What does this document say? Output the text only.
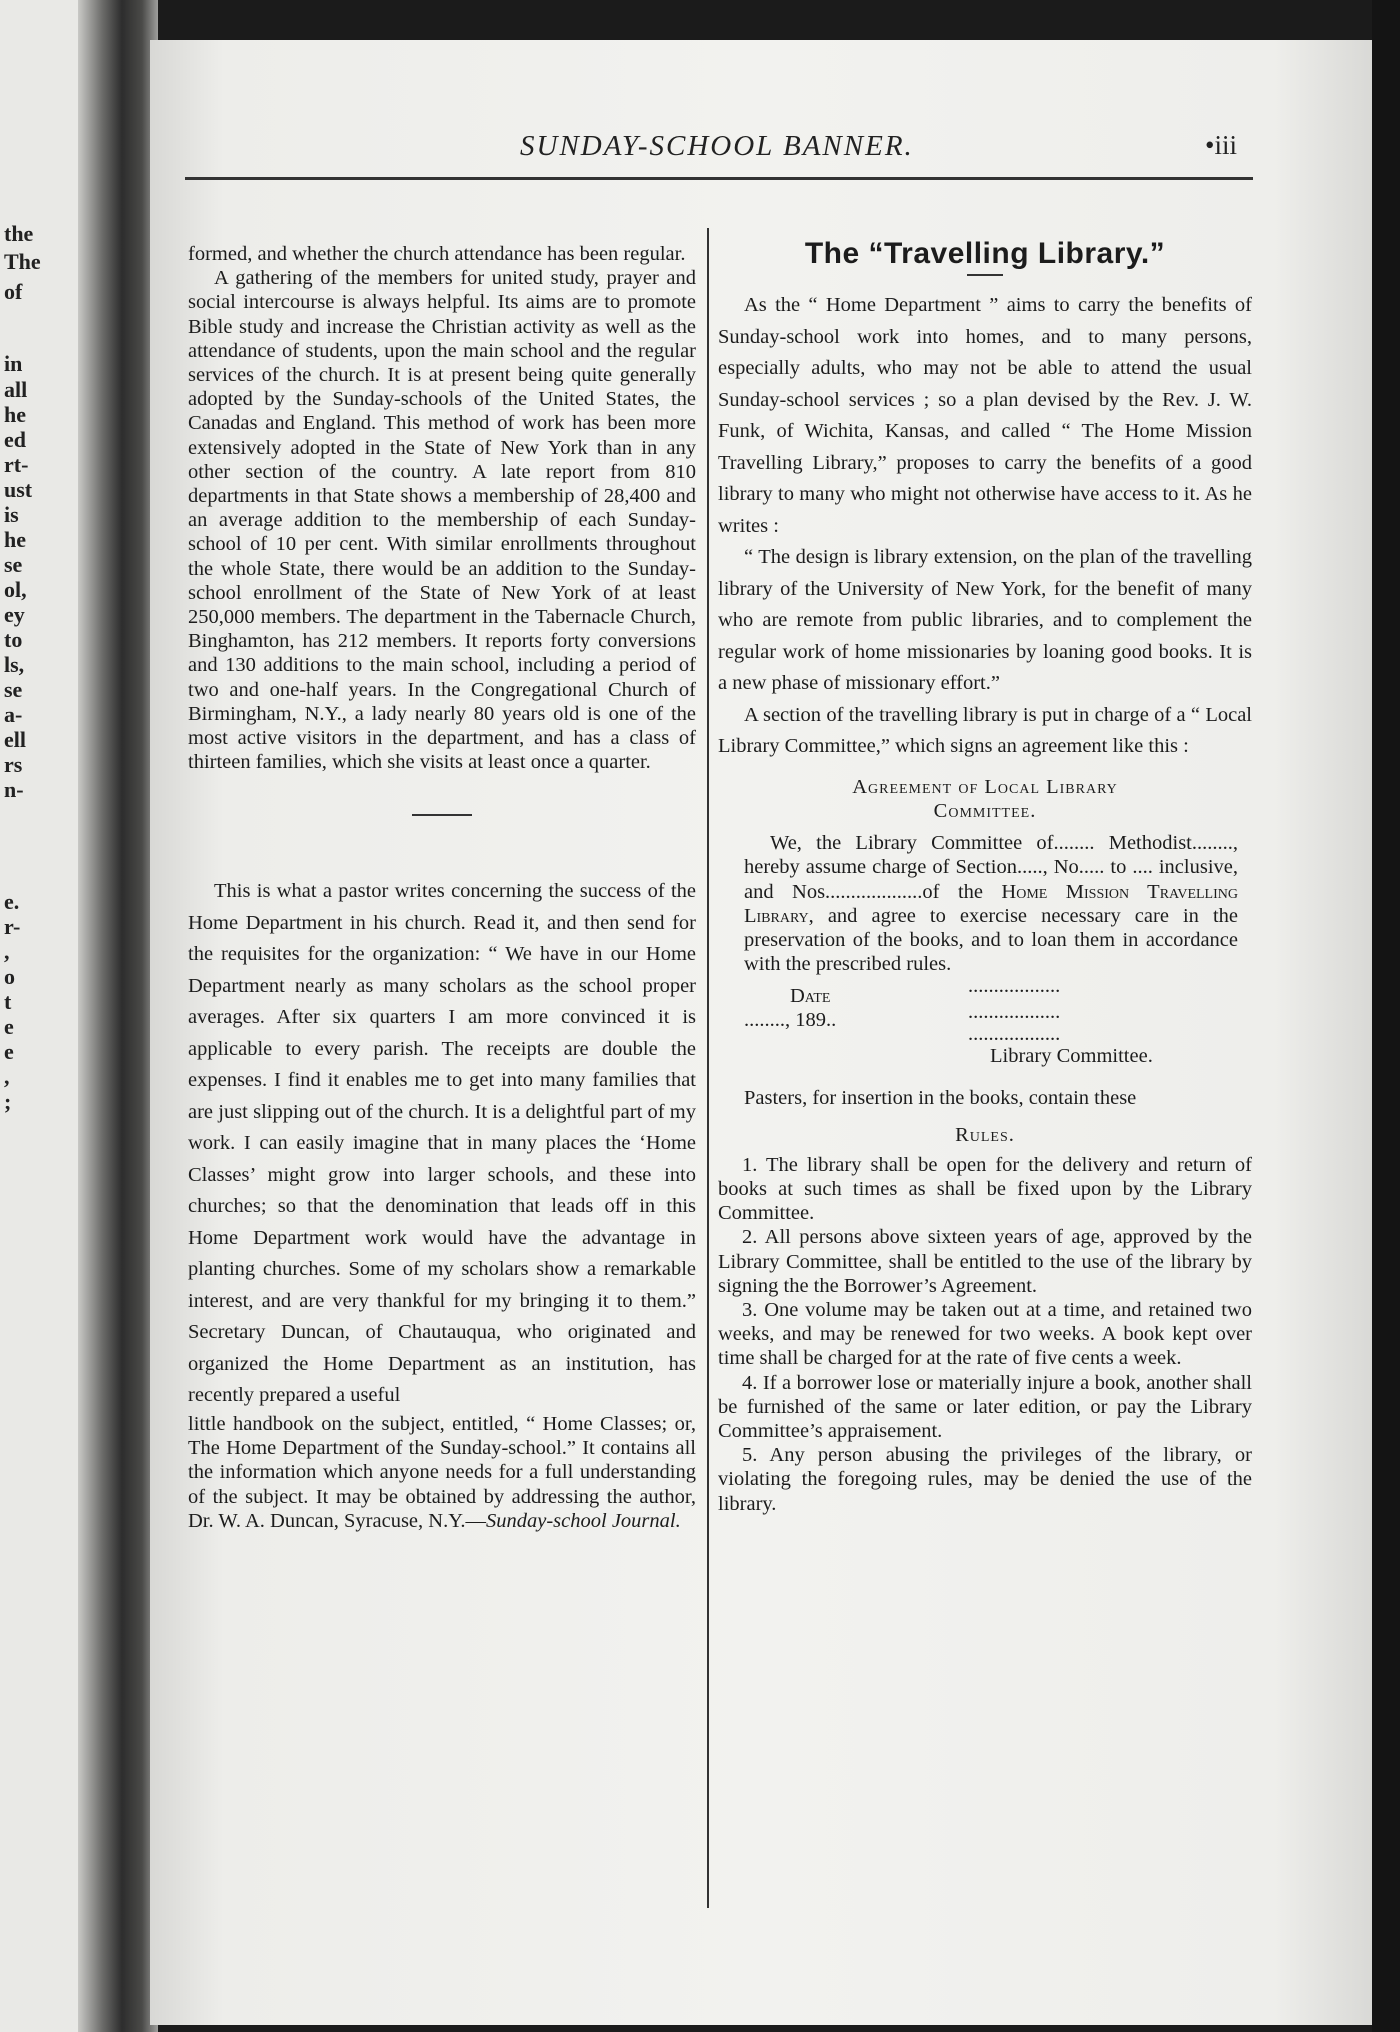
the
The
of
in
all
he
ed
rt-
ust
is
he
se
ol,
ey
to
ls,
se
a-
ell
rs
n-
e.
r-
,
o
t
e
e
,
;
SUNDAY-SCHOOL BANNER.	•iii

formed, and whether the church attendance has been regular.

A gathering of the members for united study, prayer and social intercourse is always helpful. Its aims are to promote Bible study and increase the Christian activity as well as the attendance of students, upon the main school and the regular services of the church. It is at present being quite generally adopted by the Sunday-schools of the United States, the Canadas and England. This method of work has been more extensively adopted in the State of New York than in any other section of the country. A late report from 810 departments in that State shows a membership of 28,400 and an average addition to the membership of each Sunday-school of 10 per cent. With similar enrollments throughout the whole State, there would be an addition to the Sunday-school enrollment of the State of New York of at least 250,000 members. The department in the Tabernacle Church, Binghamton, has 212 members. It reports forty conversions and 130 additions to the main school, including a period of two and one-half years. In the Congregational Church of Birmingham, N.Y., a lady nearly 80 years old is one of the most active visitors in the department, and has a class of thirteen families, which she visits at least once a quarter.

This is what a pastor writes concerning the success of the Home Department in his church. Read it, and then send for the requisites for the organization: “ We have in our Home Department nearly as many scholars as the school proper averages. After six quarters I am more convinced it is applicable to every parish. The receipts are double the expenses. I find it enables me to get into many families that are just slipping out of the church. It is a delightful part of my work. I can easily imagine that in many places the ‘Home Classes’ might grow into larger schools, and these into churches; so that the denomination that leads off in this Home Department work would have the advantage in planting churches. Some of my scholars show a remarkable interest, and are very thankful for my bringing it to them.” Secretary Duncan, of Chautauqua, who originated and organized the Home Department as an institution, has recently prepared a useful

little handbook on the subject, entitled, “ Home Classes; or, The Home Department of the Sunday-school.” It contains all the information which anyone needs for a full understanding of the subject. It may be obtained by addressing the author, Dr. W. A. Duncan, Syracuse, N.Y.—Sunday-school Journal.

The “Travelling Library.”

As the “ Home Department ” aims to carry the benefits of Sunday-school work into homes, and to many persons, especially adults, who may not be able to attend the usual Sunday-school services ; so a plan devised by the Rev. J. W. Funk, of Wichita, Kansas, and called “ The Home Mission Travelling Library,” proposes to carry the benefits of a good library to many who might not otherwise have access to it. As he writes :

“ The design is library extension, on the plan of the travelling library of the University of New York, for the benefit of many who are remote from public libraries, and to complement the regular work of home missionaries by loaning good books. It is a new phase of missionary effort.”

A section of the travelling library is put in charge of a “ Local Library Committee,” which signs an agreement like this :

Agreement of Local Library
Committee.

We, the Library Committee of........ Methodist........, hereby assume charge of Section....., No..... to .... inclusive, and Nos...................of the Home Mission Travelling Library, and agree to exercise necessary care in the preservation of the books, and to loan them in accordance with the prescribed rules.

Date	..................
........, 189..	..................
..................
Library Committee.

Pasters, for insertion in the books, contain these

Rules.

1. The library shall be open for the delivery and return of books at such times as shall be fixed upon by the Library Committee.

2. All persons above sixteen years of age, approved by the Library Committee, shall be entitled to the use of the library by signing the the Borrower’s Agreement.

3. One volume may be taken out at a time, and retained two weeks, and may be renewed for two weeks. A book kept over time shall be charged for at the rate of five cents a week.

4. If a borrower lose or materially injure a book, another shall be furnished of the same or later edition, or pay the Library Committee’s appraisement.

5. Any person abusing the privileges of the library, or violating the foregoing rules, may be denied the use of the library.
